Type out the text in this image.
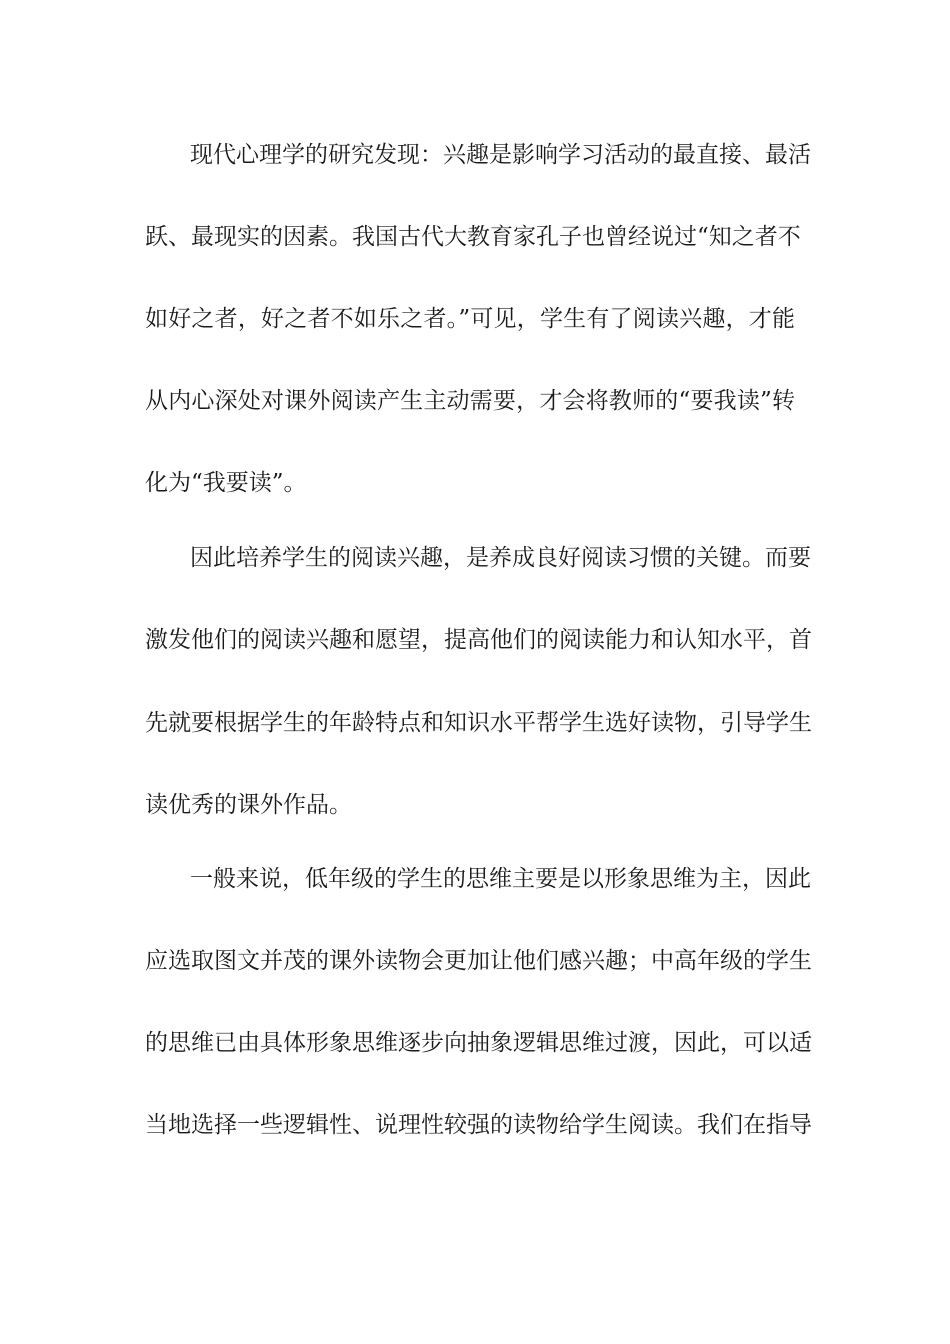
现代心理学的研究发现：兴趣是影响学习活动的最直接、最活
跃、最现实的因素。我国古代大教育家孔子也曾经说过“知之者不
如好之者，好之者不如乐之者。”可见，学生有了阅读兴趣，才能
从内心深处对课外阅读产生主动需要，才会将教师的“要我读”转
化为“我要读”。
因此培养学生的阅读兴趣，是养成良好阅读习惯的关键。而要
激发他们的阅读兴趣和愿望，提高他们的阅读能力和认知水平，首
先就要根据学生的年龄特点和知识水平帮学生选好读物，引导学生
读优秀的课外作品。
一般来说，低年级的学生的思维主要是以形象思维为主，因此
应选取图文并茂的课外读物会更加让他们感兴趣；中高年级的学生
的思维已由具体形象思维逐步向抽象逻辑思维过渡，因此，可以适
当地选择一些逻辑性、说理性较强的读物给学生阅读。我们在指导
